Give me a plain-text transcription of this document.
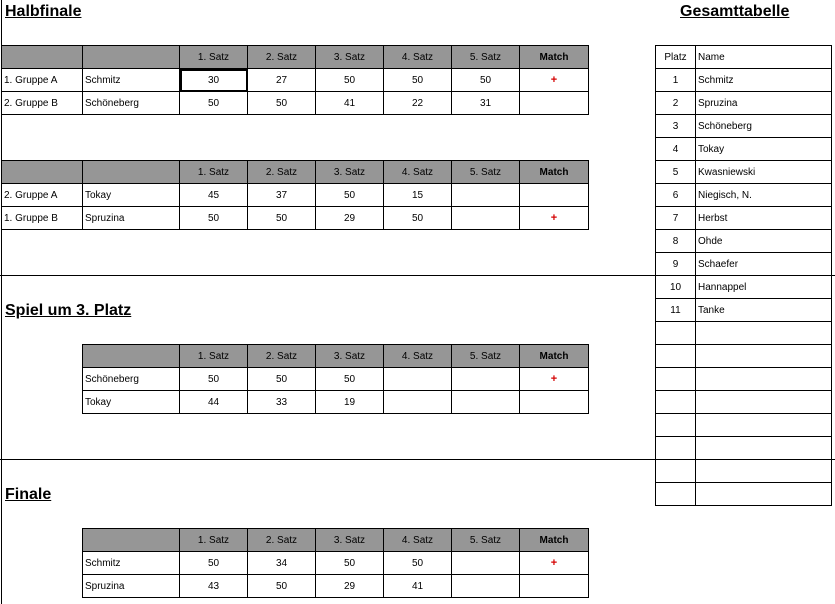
Halbfinale	Gesamttabelle
Spiel um 3. Platz
Finale
		1. Satz	2. Satz	3. Satz	4. Satz	5. Satz	Match
1. Gruppe A	Schmitz	30	27	50	50	50	+
2. Gruppe B	Schöneberg	50	50	41	22	31	
		1. Satz	2. Satz	3. Satz	4. Satz	5. Satz	Match
2. Gruppe A	Tokay	45	37	50	15		
1. Gruppe B	Spruzina	50	50	29	50		+
	1. Satz	2. Satz	3. Satz	4. Satz	5. Satz	Match
Schöneberg	50	50	50			+
Tokay	44	33	19			
	1. Satz	2. Satz	3. Satz	4. Satz	5. Satz	Match
Schmitz	50	34	50	50		+
Spruzina	43	50	29	41		
Platz	Name
1	Schmitz
2	Spruzina
3	Schöneberg
4	Tokay
5	Kwasniewski
6	Niegisch, N.
7	Herbst
8	Ohde
9	Schaefer
10	Hannappel
11	Tanke
